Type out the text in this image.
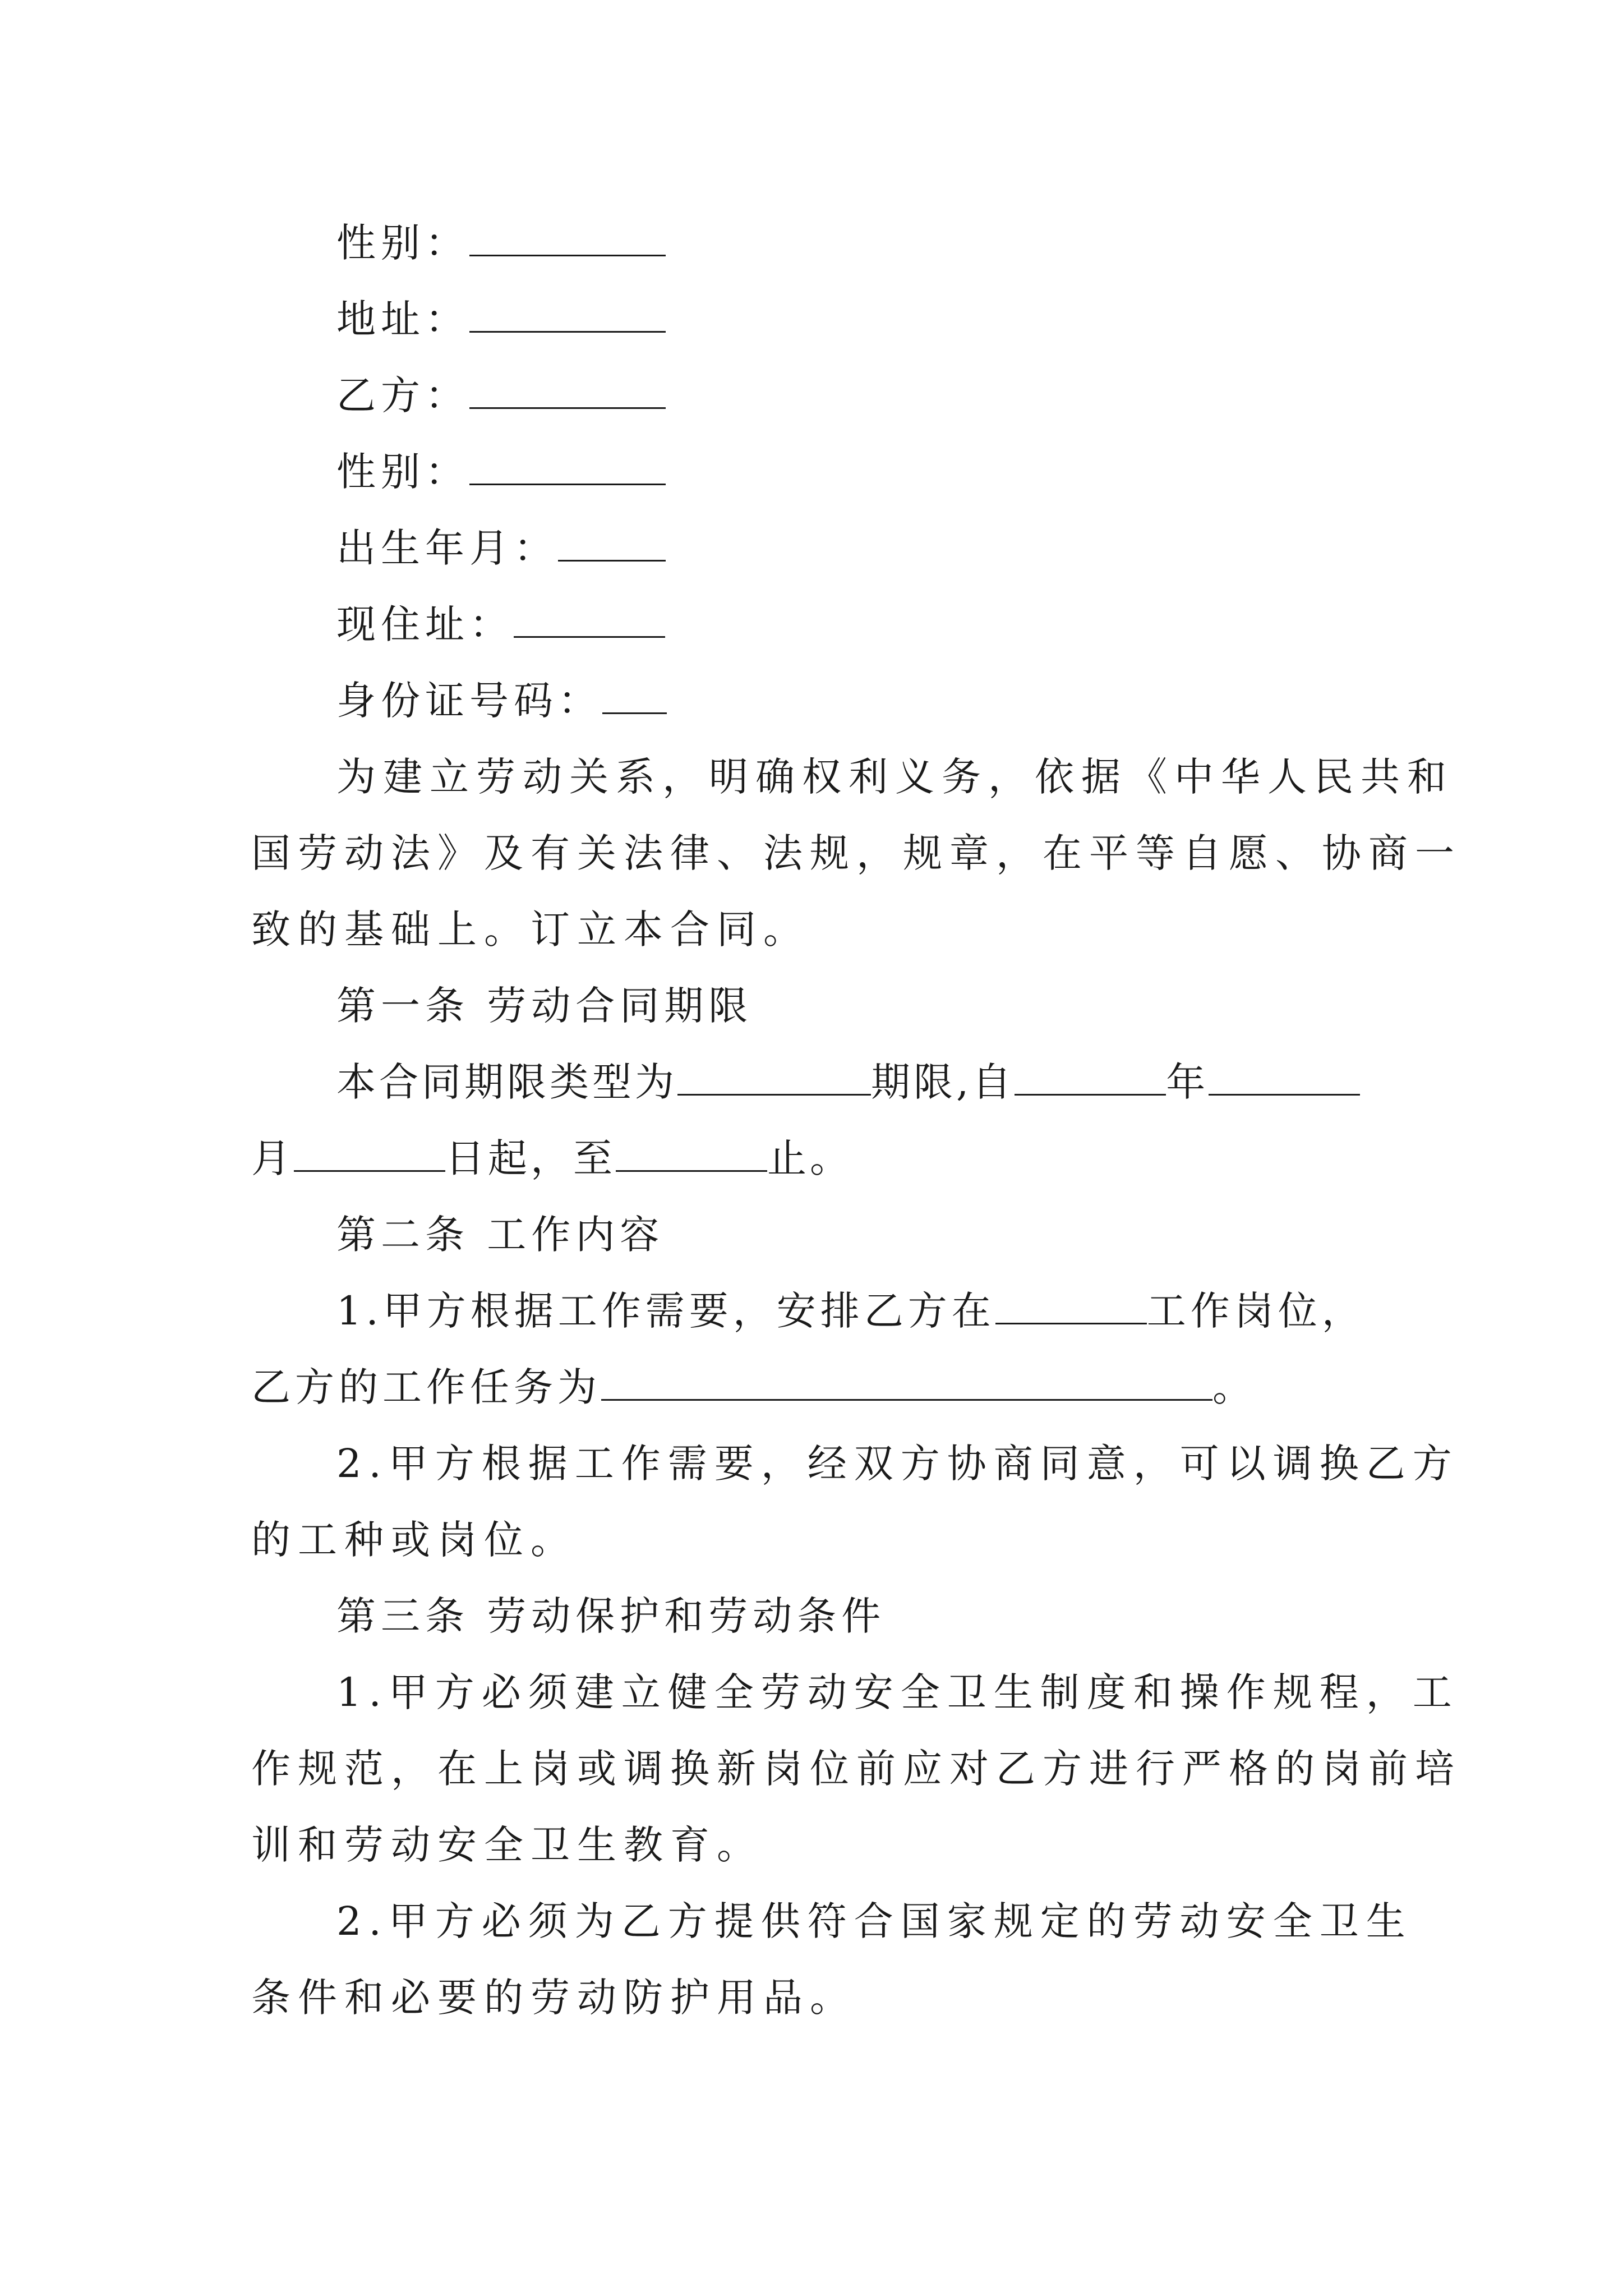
性别：
地址：
乙方：
性别：
出生年月：
现住址：
身份证号码：
为建立劳动关系，明确权利义务，依据《中华人民共和
国劳动法》及有关法律、法规，规章，在平等自愿、协商一
致的基础上。订立本合同。
第一条 劳动合同期限
本合同期限类型为	期限,自	年
月	日起，至	止。
第二条 工作内容
1.甲方根据工作需要，安排乙方在	工作岗位，
乙方的工作任务为	。
2.甲方根据工作需要，经双方协商同意，可以调换乙方
的工种或岗位。
第三条 劳动保护和劳动条件
1.甲方必须建立健全劳动安全卫生制度和操作规程，工
作规范，在上岗或调换新岗位前应对乙方进行严格的岗前培
训和劳动安全卫生教育。
2.甲方必须为乙方提供符合国家规定的劳动安全卫生
条件和必要的劳动防护用品。
